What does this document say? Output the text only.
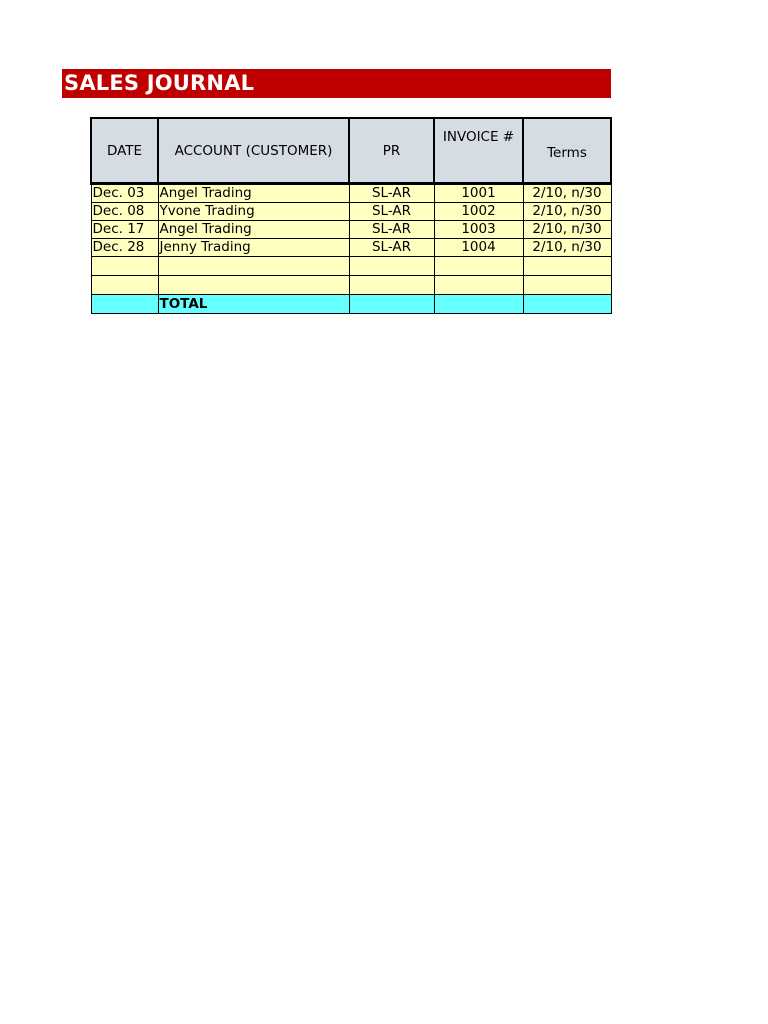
SALES JOURNAL
DATE	ACCOUNT (CUSTOMER)	PR	INVOICE #	Terms
Dec. 03	Angel Trading	SL-AR	1001	2/10, n/30
Dec. 08	Yvone Trading	SL-AR	1002	2/10, n/30
Dec. 17	Angel Trading	SL-AR	1003	2/10, n/30
Dec. 28	Jenny Trading	SL-AR	1004	2/10, n/30

	TOTAL			
